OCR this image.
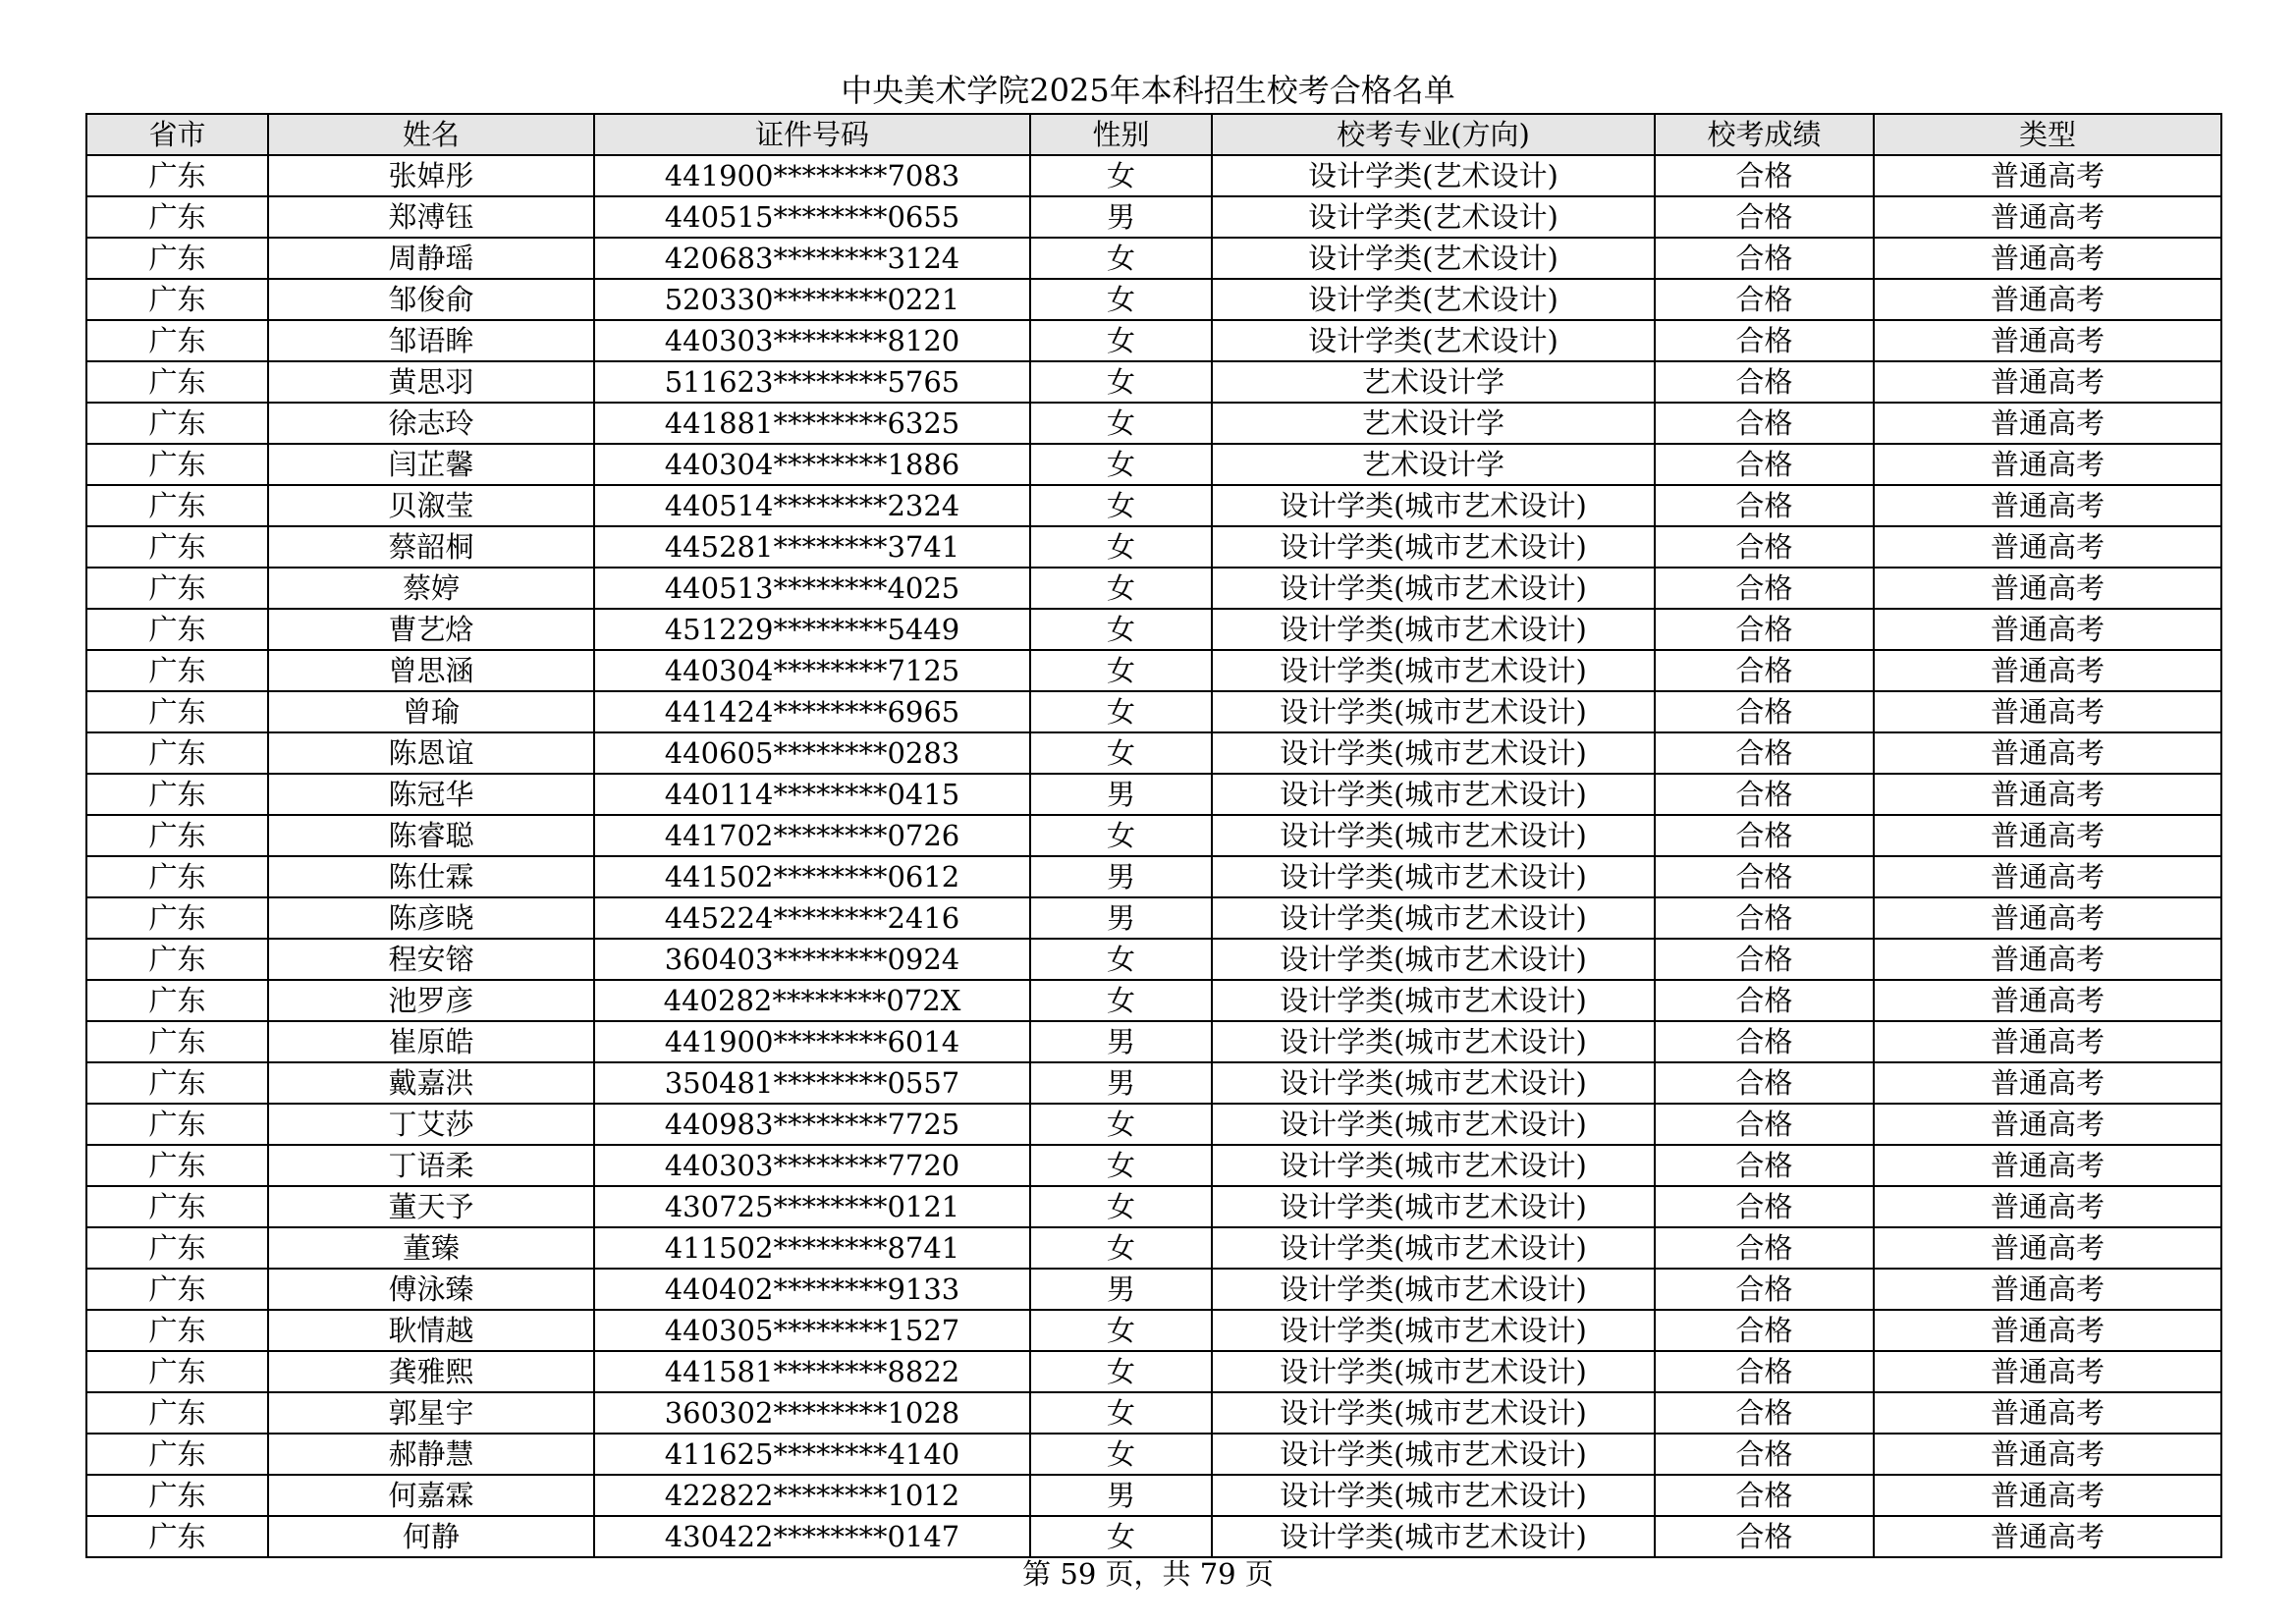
中央美术学院2025年本科招生校考合格名单
省市	姓名	证件号码	性别	校考专业(方向)	校考成绩	类型
广东	张婥彤	441900********7083	女	设计学类(艺术设计)	合格	普通高考
广东	郑溥钰	440515********0655	男	设计学类(艺术设计)	合格	普通高考
广东	周静瑶	420683********3124	女	设计学类(艺术设计)	合格	普通高考
广东	邹俊俞	520330********0221	女	设计学类(艺术设计)	合格	普通高考
广东	邹语眸	440303********8120	女	设计学类(艺术设计)	合格	普通高考
广东	黄思羽	511623********5765	女	艺术设计学	合格	普通高考
广东	徐志玲	441881********6325	女	艺术设计学	合格	普通高考
广东	闫芷馨	440304********1886	女	艺术设计学	合格	普通高考
广东	贝溆莹	440514********2324	女	设计学类(城市艺术设计)	合格	普通高考
广东	蔡韶桐	445281********3741	女	设计学类(城市艺术设计)	合格	普通高考
广东	蔡婷	440513********4025	女	设计学类(城市艺术设计)	合格	普通高考
广东	曹艺焓	451229********5449	女	设计学类(城市艺术设计)	合格	普通高考
广东	曾思涵	440304********7125	女	设计学类(城市艺术设计)	合格	普通高考
广东	曾瑜	441424********6965	女	设计学类(城市艺术设计)	合格	普通高考
广东	陈恩谊	440605********0283	女	设计学类(城市艺术设计)	合格	普通高考
广东	陈冠华	440114********0415	男	设计学类(城市艺术设计)	合格	普通高考
广东	陈睿聪	441702********0726	女	设计学类(城市艺术设计)	合格	普通高考
广东	陈仕霖	441502********0612	男	设计学类(城市艺术设计)	合格	普通高考
广东	陈彦晓	445224********2416	男	设计学类(城市艺术设计)	合格	普通高考
广东	程安镕	360403********0924	女	设计学类(城市艺术设计)	合格	普通高考
广东	池罗彦	440282********072X	女	设计学类(城市艺术设计)	合格	普通高考
广东	崔原皓	441900********6014	男	设计学类(城市艺术设计)	合格	普通高考
广东	戴嘉洪	350481********0557	男	设计学类(城市艺术设计)	合格	普通高考
广东	丁艾莎	440983********7725	女	设计学类(城市艺术设计)	合格	普通高考
广东	丁语柔	440303********7720	女	设计学类(城市艺术设计)	合格	普通高考
广东	董天予	430725********0121	女	设计学类(城市艺术设计)	合格	普通高考
广东	董臻	411502********8741	女	设计学类(城市艺术设计)	合格	普通高考
广东	傅泳臻	440402********9133	男	设计学类(城市艺术设计)	合格	普通高考
广东	耿情越	440305********1527	女	设计学类(城市艺术设计)	合格	普通高考
广东	龚雅熙	441581********8822	女	设计学类(城市艺术设计)	合格	普通高考
广东	郭星宇	360302********1028	女	设计学类(城市艺术设计)	合格	普通高考
广东	郝静慧	411625********4140	女	设计学类(城市艺术设计)	合格	普通高考
广东	何嘉霖	422822********1012	男	设计学类(城市艺术设计)	合格	普通高考
广东	何静	430422********0147	女	设计学类(城市艺术设计)	合格	普通高考
第 59 页，共 79 页
